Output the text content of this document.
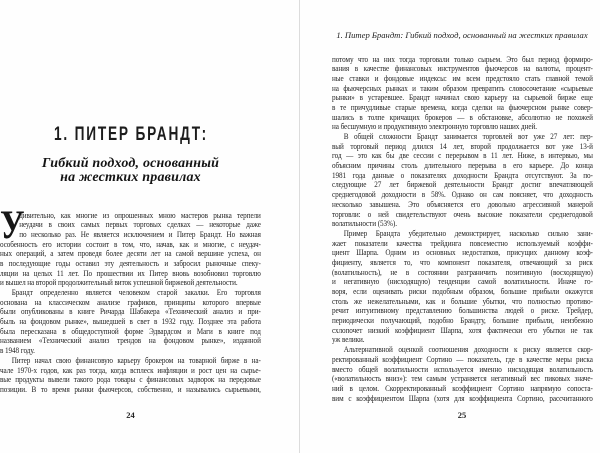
1. ПИТЕР БРАНДТ:
Гибкий подход, основанный
на жестких правилах
У
дивительно, как многие из опрошенных мною мастеров рынка терпели
неудачи в своих самых первых торговых сделках — некоторые даже
по несколько раз. Не является исключением и Питер Брандт. Но важная
особенность его истории состоит в том, что, начав, как и многие, с неудач-
ных операций, а затем проведя более десяти лет на самой вершине успеха, он
в последующие годы оставил эту деятельность и забросил рыночные спеку-
ляции на целых 11 лет. По прошествии их Питер вновь возобновил торговлю
и вышел на второй продолжительный виток успешной биржевой деятельности.
Брандт определенно является человеком старой закалки. Его торговля
основана на классическом анализе графиков, принципы которого впервые
были опубликованы в книге Ричарда Шабакера «Технический анализ и при-
быль на фондовом рынке», вышедшей в свет в 1932 году. Позднее эта работа
была пересказана в общедоступной форме Эдвардсом и Маги в книге под
названием «Технический анализ трендов на фондовом рынке», изданной
в 1948 году.
Питер начал свою финансовую карьеру брокером на товарной бирже в на-
чале 1970-х годов, как раз тогда, когда всплеск инфляции и рост цен на сырье-
вые продукты вывели такого рода товары с финансовых задворок на передовые
позиции. В то время рынки фьючерсов, собственно, и назывались сырьевыми,
24
1. Питер Брандт: Гибкий подход, основанный на жестких правилах
потому что на них тогда торговали только сырьем. Это был период формиро-
вания в качестве финансовых инструментов фьючерсов на валюты, процент-
ные ставки и фондовые индексы: им всем предстояло стать главной темой
на фьючерсных рынках и таким образом превратить словосочетание «сырьевые
рынки» в устаревшее. Брандт начинал свою карьеру на сырьевой бирже еще
в те причудливые старые времена, когда сделки на фьючерсном рынке совер-
шались в толпе кричащих брокеров — в обстановке, абсолютно не похожей
на бесшумную и продуктивную электронную торговлю наших дней.
В общей сложности Брандт занимается торговлей вот уже 27 лет: пер-
вый торговый период длился 14 лет, второй продолжается вот уже 13-й
год — это как бы две сессии с перерывом в 11 лет. Ниже, в интервью, мы
объясним причины столь длительного перерыва в его карьере. До конца
1981 года данные о показателях доходности Брандта отсутствуют. За по-
следующие 27 лет биржевой деятельности Брандт достиг впечатляющей
среднегодовой доходности в 58%. Однако он сам поясняет, что доходность
несколько завышена. Это объясняется его довольно агрессивной манерой
торговли: о ней свидетельствуют очень высокие показатели среднегодовой
волатильности (53%).
Пример Брандта убедительно демонстрирует, насколько сильно зани-
жает показатели качества трейдинга повсеместно используемый коэффи-
циент Шарпа. Одним из основных недостатков, присущих данному коэф-
фициенту, является то, что компонент показателя, отвечающий за риск
(волатильность), не в состоянии разграничить позитивную (восходящую)
и негативную (нисходящую) тенденции самой волатильности. Иначе го-
воря, если оценивать риски подобным образом, большие прибыли окажутся
столь же нежелательными, как и большие убытки, что полностью противо-
речит интуитивному представлению большинства людей о риске. Трейдер,
периодически получающий, подобно Брандту, большие прибыли, неизбежно
схлопочет низкий коэффициент Шарпа, хотя фактически его убытки не так
уж велики.
Альтернативной оценкой соотношения доходности к риску является скор-
ректированный коэффициент Сортино — показатель, где в качестве меры риска
вместо общей волатильности используется именно нисходящая волатильность
(«волатильность вниз»): тем самым устраняется негативный вес пиковых значе-
ний в целом. Скорректированный коэффициент Сортино напрямую сопоста-
вим с коэффициентом Шарпа (хотя для коэффициента Сортино, рассчитанного
25
